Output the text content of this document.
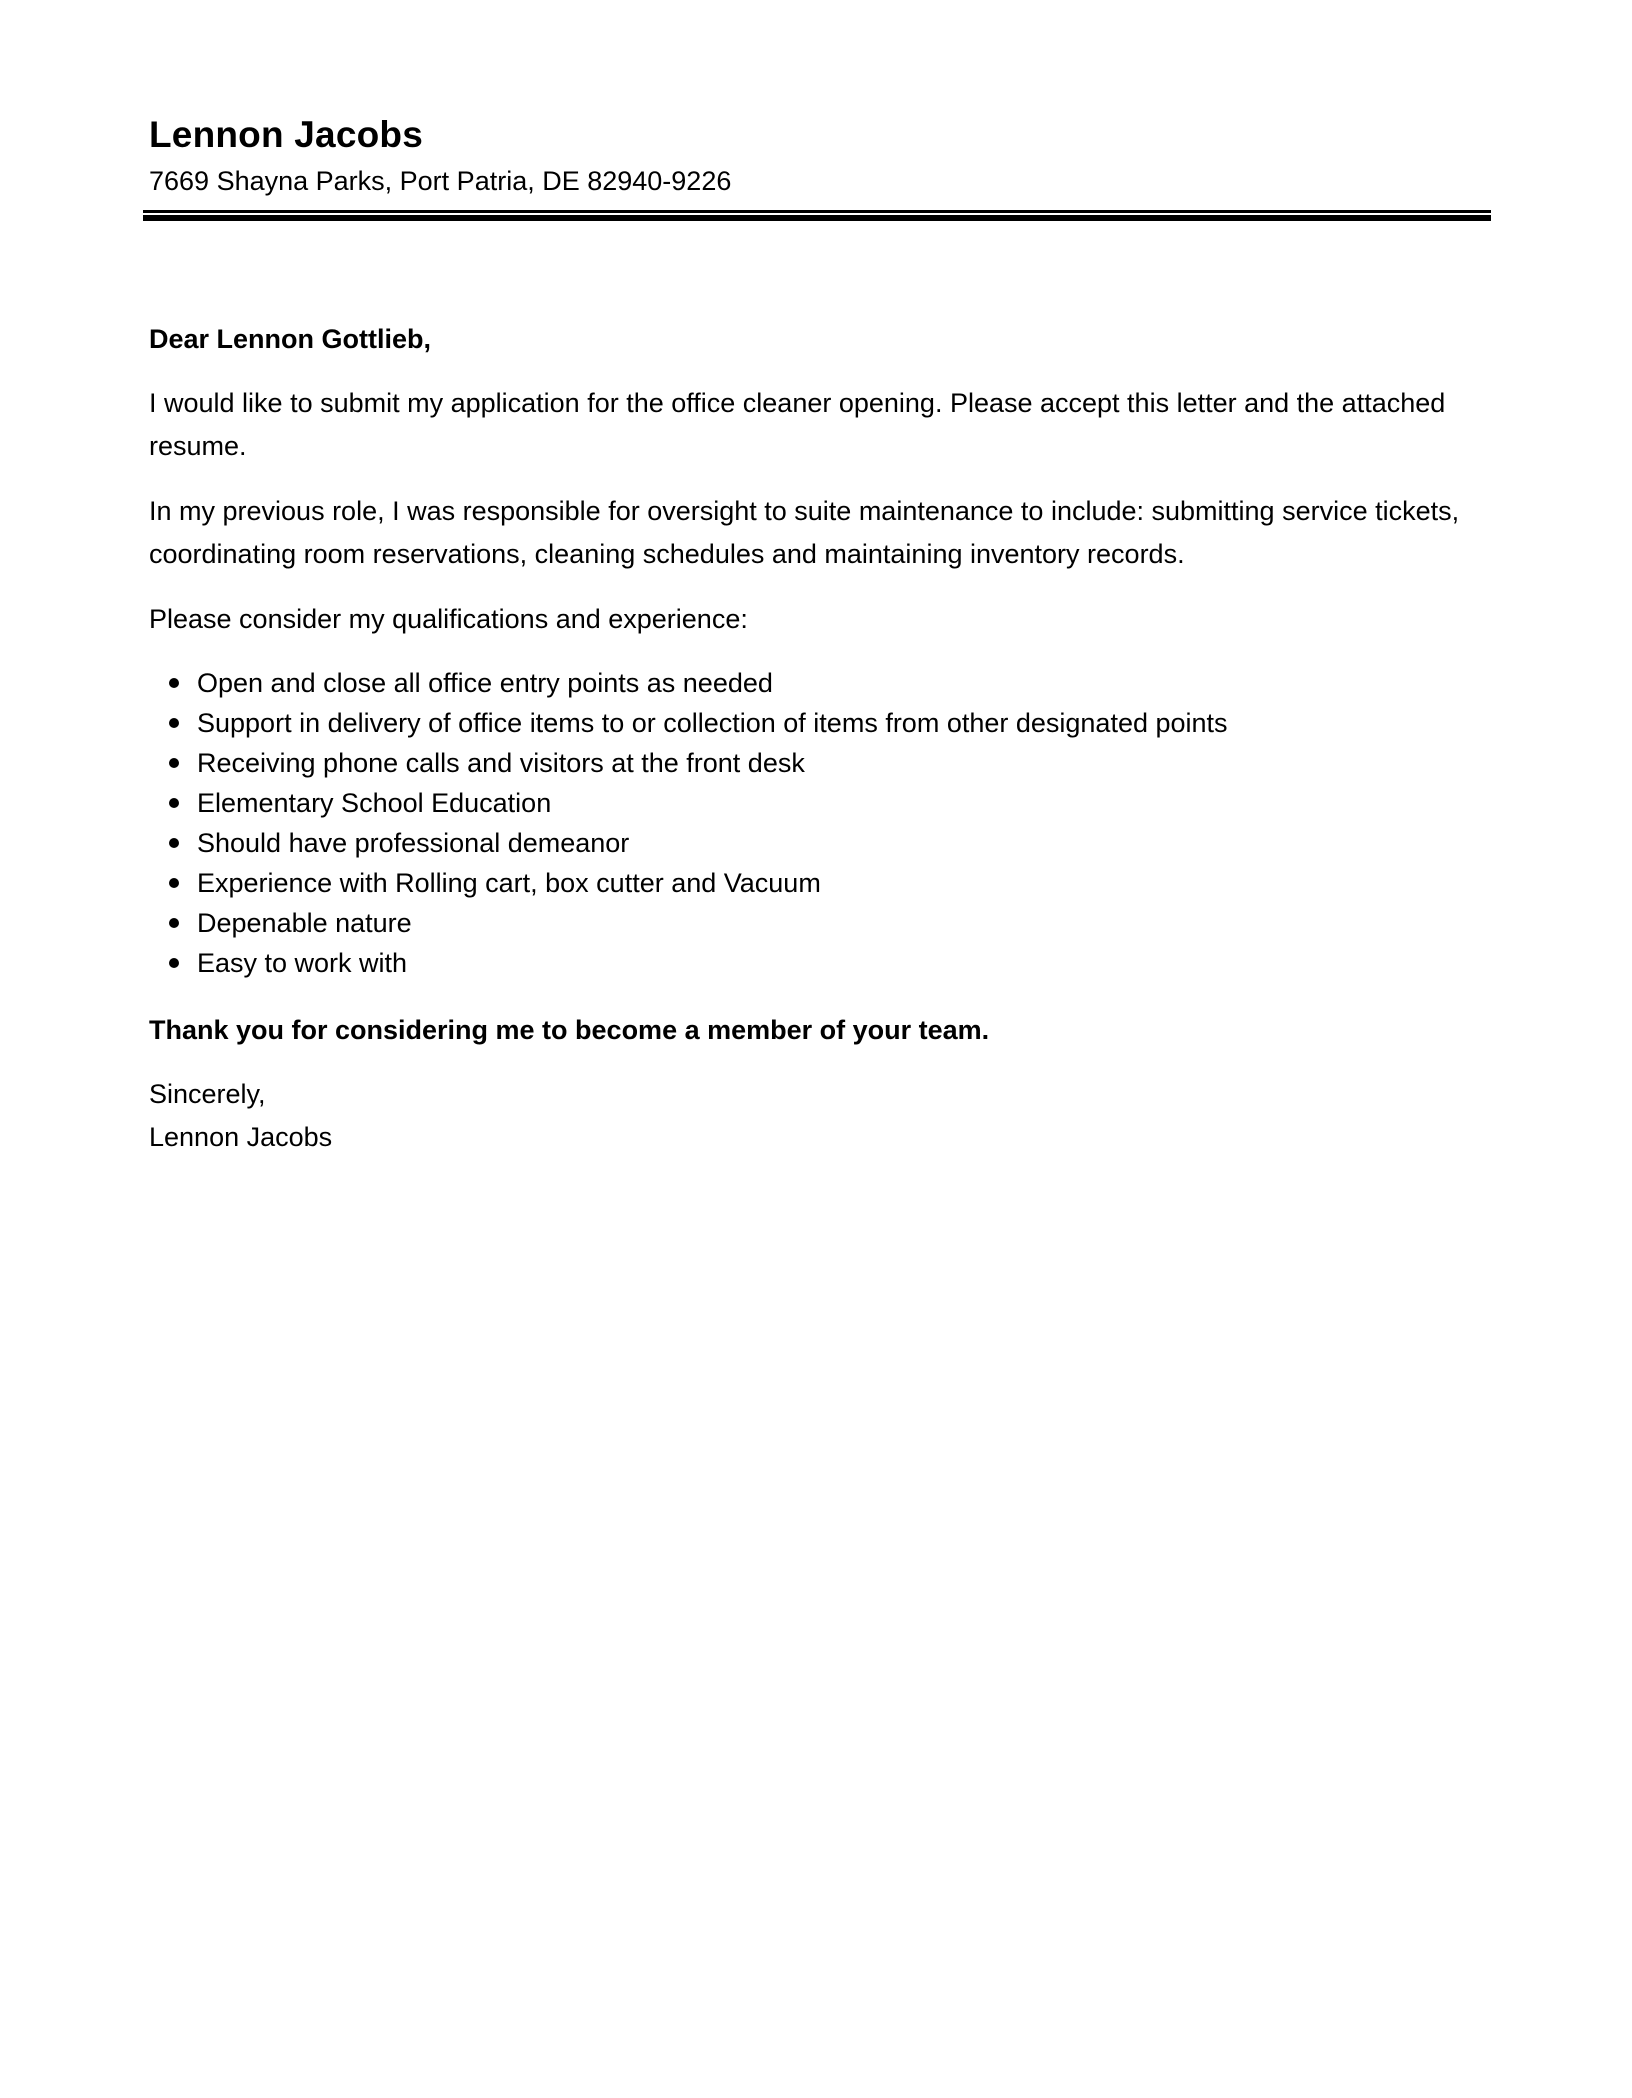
Lennon Jacobs

7669 Shayna Parks, Port Patria, DE 82940-9226

Dear Lennon Gottlieb,

I would like to submit my application for the office cleaner opening. Please accept this letter and the attached resume.

In my previous role, I was responsible for oversight to suite maintenance to include: submitting service tickets, coordinating room reservations, cleaning schedules and maintaining inventory records.

Please consider my qualifications and experience:

Open and close all office entry points as needed
Support in delivery of office items to or collection of items from other designated points
Receiving phone calls and visitors at the front desk
Elementary School Education
Should have professional demeanor
Experience with Rolling cart, box cutter and Vacuum
Depenable nature
Easy to work with

Thank you for considering me to become a member of your team.

Sincerely,

Lennon Jacobs
